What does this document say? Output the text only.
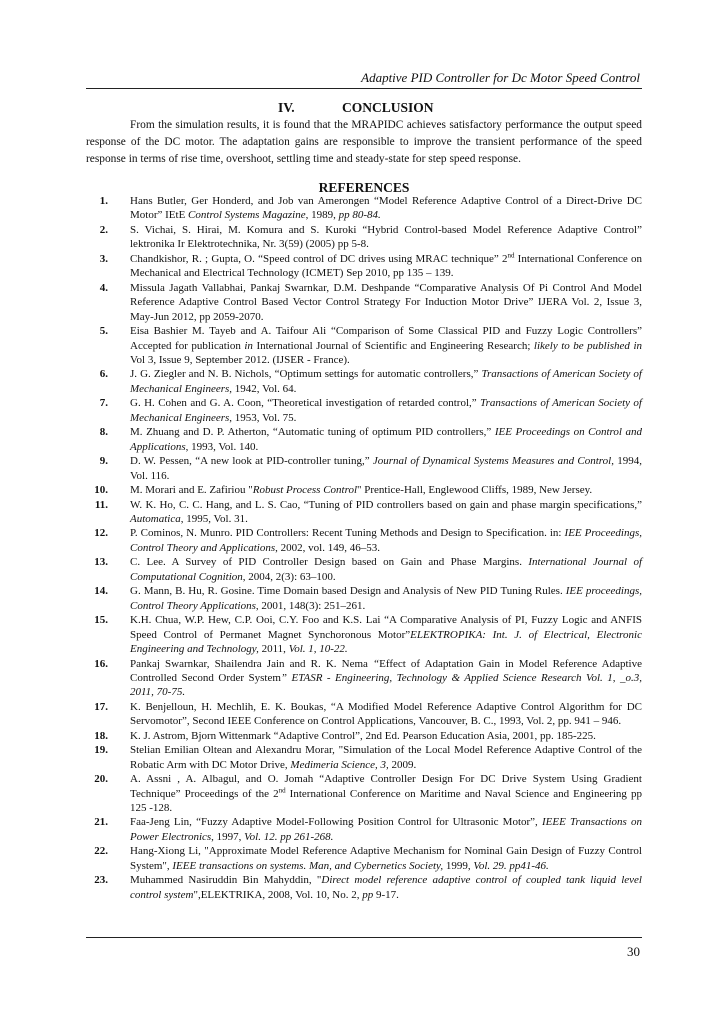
Adaptive PID Controller for Dc Motor Speed Control
IV.	CONCLUSION

From the simulation results, it is found that the MRAPIDC achieves satisfactory performance the output speed response of the DC motor. The adaptation gains are responsible to improve the transient performance of the speed response in terms of rise time, overshoot, settling time and steady-state for step speed response.

REFERENCES
1. Hans Butler, Ger Honderd, and Job van Amerongen “Model Reference Adaptive Control of a Direct-Drive DC Motor” IEtE Control Systems Magazine, 1989, pp 80-84.
2. S. Vichai, S. Hirai, M. Komura and S. Kuroki “Hybrid Control-based Model Reference Adaptive Control” lektronika Ir Elektrotechnika, Nr. 3(59) (2005) pp 5-8.
3. Chandkishor, R. ; Gupta, O. “Speed control of DC drives using MRAC technique” 2nd International Conference on Mechanical and Electrical Technology (ICMET) Sep 2010, pp 135 – 139.
4. Missula Jagath Vallabhai, Pankaj Swarnkar, D.M. Deshpande “Comparative Analysis Of Pi Control And Model Reference Adaptive Control Based Vector Control Strategy For Induction Motor Drive” IJERA Vol. 2, Issue 3, May-Jun 2012, pp 2059-2070.
5. Eisa Bashier M. Tayeb and A. Taifour Ali “Comparison of Some Classical PID and Fuzzy Logic Controllers” Accepted for publication in International Journal of Scientific and Engineering Research; likely to be published in Vol 3, Issue 9, September 2012. (IJSER - France).
6. J. G. Ziegler and N. B. Nichols, “Optimum settings for automatic controllers,” Transactions of American Society of Mechanical Engineers, 1942, Vol. 64.
7. G. H. Cohen and G. A. Coon, “Theoretical investigation of retarded control,” Transactions of American Society of Mechanical Engineers, 1953, Vol. 75.
8. M. Zhuang and D. P. Atherton, “Automatic tuning of optimum PID controllers,” IEE Proceedings on Control and Applications, 1993, Vol. 140.
9. D. W. Pessen, “A new look at PID-controller tuning,” Journal of Dynamical Systems Measures and Control, 1994, Vol. 116.
10. M. Morari and E. Zafiriou "Robust Process Control" Prentice-Hall, Englewood Cliffs, 1989, New Jersey.
11. W. K. Ho, C. C. Hang, and L. S. Cao, “Tuning of PID controllers based on gain and phase margin specifications,” Automatica, 1995, Vol. 31.
12. P. Cominos, N. Munro. PID Controllers: Recent Tuning Methods and Design to Specification. in: IEE Proceedings, Control Theory and Applications, 2002, vol. 149, 46–53.
13. C. Lee. A Survey of PID Controller Design based on Gain and Phase Margins. International Journal of Computational Cognition, 2004, 2(3): 63–100.
14. G. Mann, B. Hu, R. Gosine. Time Domain based Design and Analysis of New PID Tuning Rules. IEE proceedings, Control Theory Applications, 2001, 148(3): 251–261.
15. K.H. Chua, W.P. Hew, C.P. Ooi, C.Y. Foo and K.S. Lai “A Comparative Analysis of PI, Fuzzy Logic and ANFIS Speed Control of Permanet Magnet Synchoronous Motor”ELEKTROPIKA: Int. J. of Electrical, Electronic Engineering and Technology, 2011, Vol. 1, 10-22.
16. Pankaj Swarnkar, Shailendra Jain and R. K. Nema “Effect of Adaptation Gain in Model Reference Adaptive Controlled Second Order System” ETASR - Engineering, Technology & Applied Science Research Vol. 1, _o.3, 2011, 70-75.
17. K. Benjelloun, H. Mechlih, E. K. Boukas, “A Modified Model Reference Adaptive Control Algorithm for DC Servomotor”, Second IEEE Conference on Control Applications, Vancouver, B. C., 1993, Vol. 2, pp. 941 – 946.
18. K. J. Astrom, Bjorn Wittenmark “Adaptive Control”, 2nd Ed. Pearson Education Asia, 2001, pp. 185-225.
19. Stelian Emilian Oltean and Alexandru Morar, "Simulation of the Local Model Reference Adaptive Control of the Robatic Arm with DC Motor Drive, Medimeria Science, 3, 2009.
20. A. Assni , A. Albagul, and O. Jomah “Adaptive Controller Design For DC Drive System Using Gradient Technique” Proceedings of the 2nd International Conference on Maritime and Naval Science and Engineering pp 125 -128.
21. Faa-Jeng Lin, “Fuzzy Adaptive Model-Following Position Control for Ultrasonic Motor”, IEEE Transactions on Power Electronics, 1997, Vol. 12. pp 261-268.
22. Hang-Xiong Li, "Approximate Model Reference Adaptive Mechanism for Nominal Gain Design of Fuzzy Control System", IEEE transactions on systems. Man, and Cybernetics Society, 1999, Vol. 29. pp41-46.
23. Muhammed Nasiruddin Bin Mahyddin, "Direct model reference adaptive control of coupled tank liquid level control system",ELEKTRIKA, 2008, Vol. 10, No. 2, pp 9-17.
30
